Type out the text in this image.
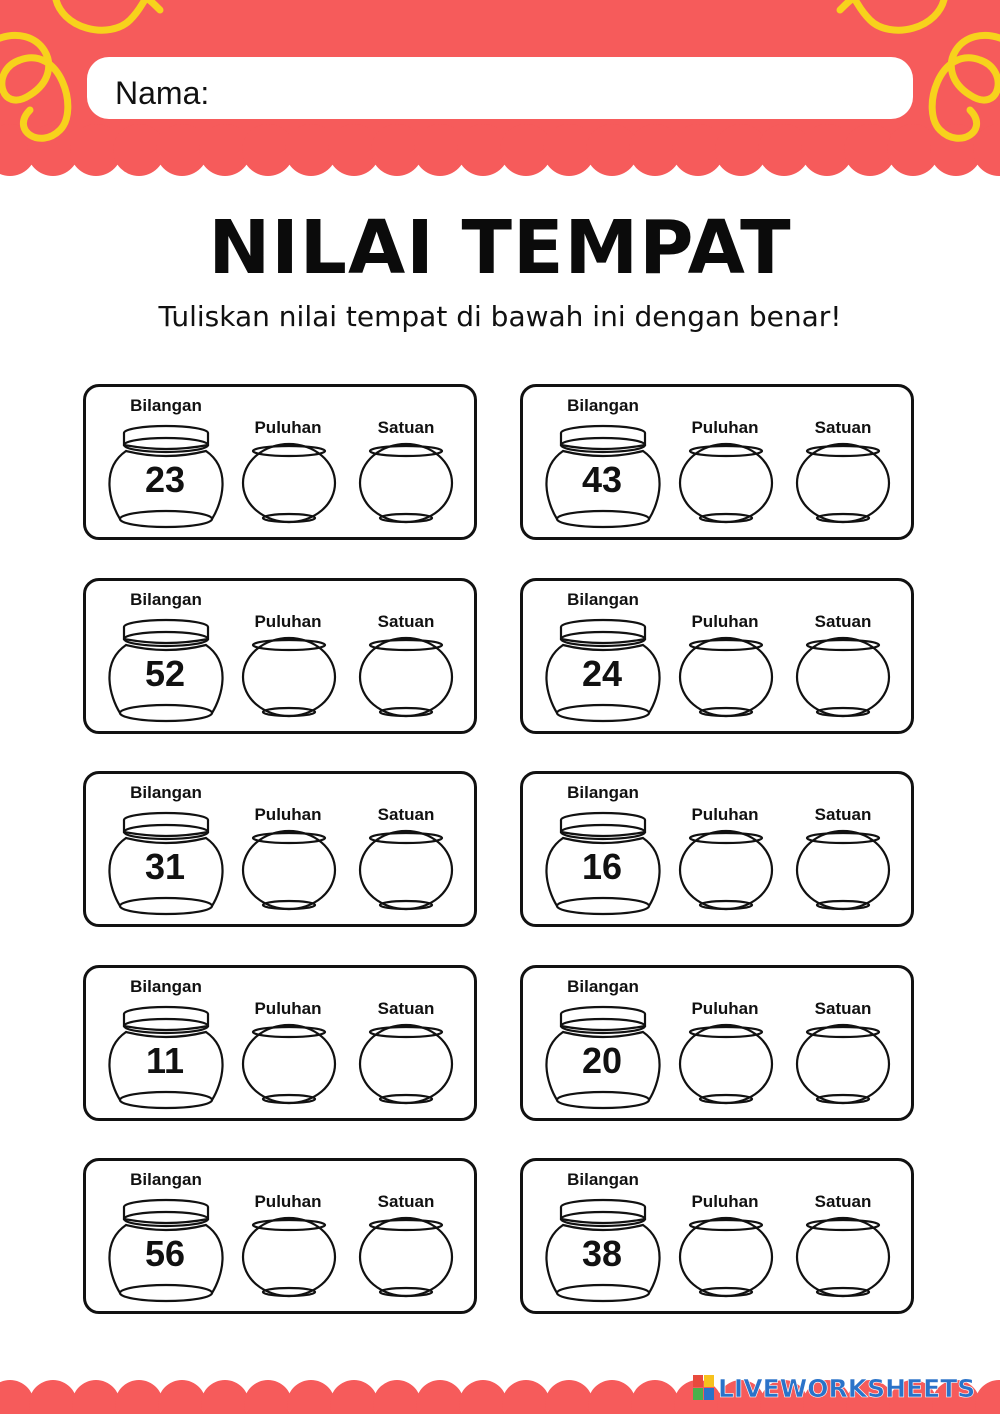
Nama:
NILAI TEMPAT
Tuliskan nilai tempat di bawah ini dengan benar!
Bilangan
Puluhan	Satuan
23
Bilangan
Puluhan	Satuan
43
Bilangan
Puluhan	Satuan
52
Bilangan
Puluhan	Satuan
24
Bilangan
Puluhan	Satuan
31
Bilangan
Puluhan	Satuan
16
Bilangan
Puluhan	Satuan
11
Bilangan
Puluhan	Satuan
20
Bilangan
Puluhan	Satuan
56
Bilangan
Puluhan	Satuan
38
LIVEWORKSHEETS
